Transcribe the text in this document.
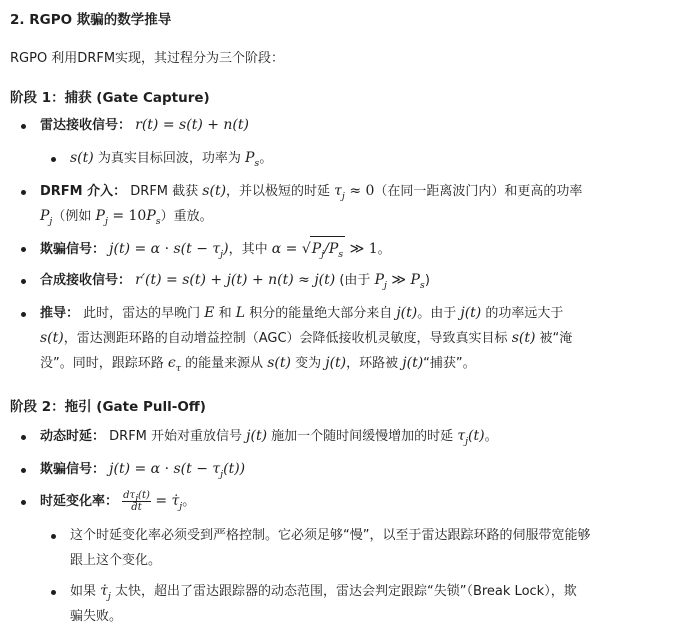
2. RGPO 欺骗的数学推导

RGPO 利用DRFM实现，其过程分为三个阶段：

阶段 1：捕获 (Gate Capture)

雷达接收信号： r(t) = s(t) + n(t)
s(t) 为真实目标回波，功率为 $P_s$。
DRFM 介入： DRFM 截获 s(t)，并以极短的时延 $\tau_j \approx 0$（在同一距离波门内）和更高的功率
$P_j$（例如 $P_j = 10P_s$）重放。
欺骗信号： $j(t) = \alpha \cdot s(t - \tau_j)$，其中 $\alpha = √P_j/P_s$ ≫ 1。
合成接收信号： r′(t) = s(t) + j(t) + n(t) ≈ j(t) (由于 $P_j$ ≫ $P_s$)
推导： 此时，雷达的早晚门 E 和 L 积分的能量绝大部分来自 j(t)。由于 j(t) 的功率远大于
s(t)，雷达测距环路的自动增益控制（AGC）会降低接收机灵敏度，导致真实目标 s(t) 被“淹
没”。同时，跟踪环路 $\epsilon_\tau$ 的能量来源从 s(t) 变为 j(t)，环路被 j(t)“捕获”。

阶段 2：拖引 (Gate Pull-Off)

动态时延： DRFM 开始对重放信号 j(t) 施加一个随时间缓慢增加的时延 $\tau_j(t)$。
欺骗信号： $j(t) = \alpha \cdot s(t - \tau_j(t))$
时延变化率： $\frac{d\tau_j(t)}{dt}$ = $\tau̇_j$。
这个时延变化率必须受到严格控制。它必须足够“慢”，以至于雷达跟踪环路的伺服带宽能够
跟上这个变化。
如果 $\tau̇_j$ 太快，超出了雷达跟踪器的动态范围，雷达会判定跟踪“失锁”（Break Lock），欺
骗失败。
